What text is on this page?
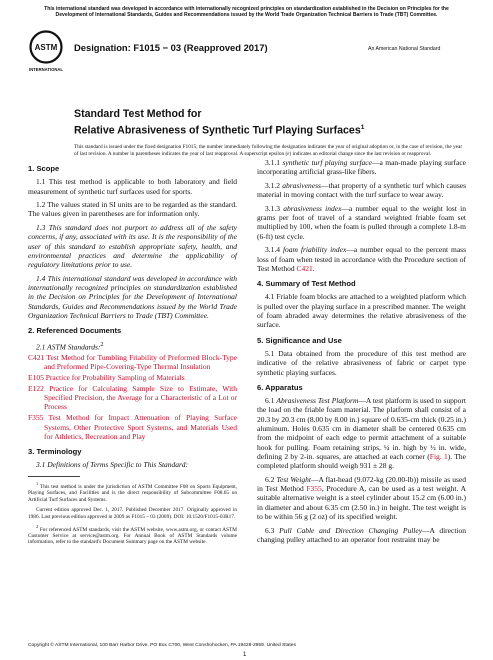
This international standard was developed in accordance with internationally recognized principles on standardization established in the Decision on Principles for the Development of International Standards, Guides and Recommendations issued by the World Trade Organization Technical Barriers to Trade (TBT) Committee.
ASTM
INTERNATIONAL
Designation: F1015 − 03 (Reapproved 2017)	An American National Standard
Standard Test Method for
Relative Abrasiveness of Synthetic Turf Playing Surfaces$^1$
This standard is issued under the fixed designation F1015; the number immediately following the designation indicates the year of original adoption or, in the case of revision, the year of last revision. A number in parentheses indicates the year of last reapproval. A superscript epsilon (ε) indicates an editorial change since the last revision or reapproval.
1. Scope

1.1 This test method is applicable to both laboratory and field measurement of synthetic turf surfaces used for sports.

1.2 The values stated in SI units are to be regarded as the standard. The values given in parentheses are for information only.

1.3 This standard does not purport to address all of the safety concerns, if any, associated with its use. It is the responsibility of the user of this standard to establish appropriate safety, health, and environmental practices and determine the applicability of regulatory limitations prior to use.

1.4 This international standard was developed in accordance with internationally recognized principles on standardization established in the Decision on Principles for the Development of International Standards, Guides and Recommendations issued by the World Trade Organization Technical Barriers to Trade (TBT) Committee.

2. Referenced Documents

2.1 ASTM Standards:$^2$

C421 Test Method for Tumbling Friability of Preformed Block-Type and Preformed Pipe-Covering-Type Thermal Insulation

E105 Practice for Probability Sampling of Materials

E122 Practice for Calculating Sample Size to Estimate, With Specified Precision, the Average for a Characteristic of a Lot or Process

F355 Test Method for Impact Attenuation of Playing Surface Systems, Other Protective Sport Systems, and Materials Used for Athletics, Recreation and Play

3. Terminology

3.1 Definitions of Terms Specific to This Standard:

$^1$ This test method is under the jurisdiction of ASTM Committee F08 on Sports Equipment, Playing Surfaces, and Facilities and is the direct responsibility of Subcommittee F08.65 on Artificial Turf Surfaces and Systems.

Current edition approved Dec. 1, 2017. Published December 2017. Originally approved in 1986. Last previous edition approved in 2009 as F1015 – 03 (2009). DOI: 10.1520/F1015-03R17.

$^2$ For referenced ASTM standards, visit the ASTM website, www.astm.org, or contact ASTM Customer Service at service@astm.org. For Annual Book of ASTM Standards volume information, refer to the standard's Document Summary page on the ASTM website.

3.1.1 synthetic turf playing surface—a man-made playing surface incorporating artificial grass-like fibers.

3.1.2 abrasiveness—that property of a synthetic turf which causes material in moving contact with the turf surface to wear away.

3.1.3 abrasiveness index—a number equal to the weight lost in grams per foot of travel of a standard weighted friable foam set multiplied by 100, when the foam is pulled through a complete 1.8-m (6-ft) test cycle.

3.1.4 foam friability index—a number equal to the percent mass loss of foam when tested in accordance with the Procedure section of Test Method C421.

4. Summary of Test Method

4.1 Friable foam blocks are attached to a weighted platform which is pulled over the playing surface in a prescribed manner. The weight of foam abraded away determines the relative abrasiveness of the surface.

5. Significance and Use

5.1 Data obtained from the procedure of this test method are indicative of the relative abrasiveness of fabric or carpet type synthetic playing surfaces.

6. Apparatus

6.1 Abrasiveness Test Platform—A test platform is used to support the load on the friable foam material. The platform shall consist of a 20.3 by 20.3 cm (8.00 by 8.00 in.) square of 0.635-cm thick (0.25 in.) aluminum. Holes 0.635 cm in diameter shall be centered 0.635 cm from the midpoint of each edge to permit attachment of a suitable hook for pulling. Foam retaining strips, ¼ in. high by ½ in. wide, defining 2 by 2-in. squares, are attached at each corner (Fig. 1). The completed platform should weigh 931 ± 28 g.

6.2 Test Weight—A flat-head (9.072-kg (20.00-lb)) missile as used in Test Method F355, Procedure A, can be used as a test weight. A suitable alternative weight is a steel cylinder about 15.2 cm (6.00 in.) in diameter and about 6.35 cm (2.50 in.) in height. The test weight is to be within 56 g (2 oz) of its specified weight.

6.3 Pull Cable and Direction Changing Pulley—A direction changing pulley attached to an operator foot restraint may be

Copyright © ASTM International, 100 Barr Harbor Drive, PO Box C700, West Conshohocken, PA 19428-2959. United States
1
